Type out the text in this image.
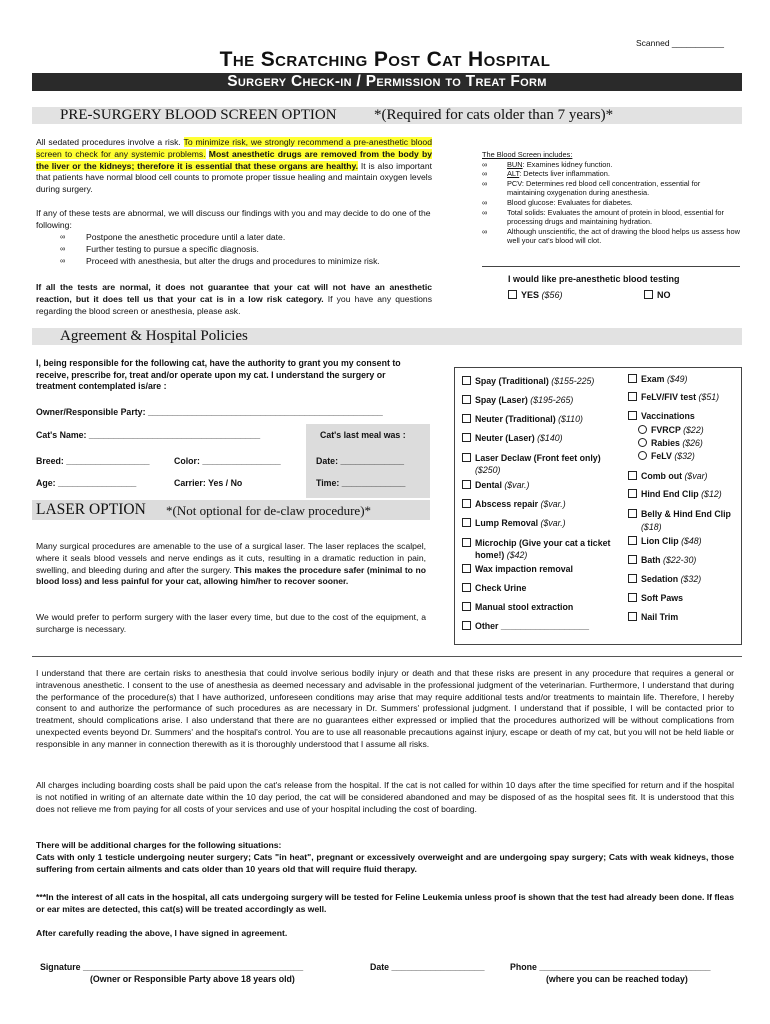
Scanned ___________
The Scratching Post Cat Hospital
Surgery Check-in / Permission to Treat Form
PRE-SURGERY BLOOD SCREEN OPTION *(Required for cats older than 7 years)*
All sedated procedures involve a risk. To minimize risk, we strongly recommend a pre-anesthetic blood screen to check for any systemic problems. Most anesthetic drugs are removed from the body by the liver or the kidneys; therefore it is essential that these organs are healthy. It is also important that patients have normal blood cell counts to promote proper tissue healing and maintain oxygen levels during surgery.
If any of these tests are abnormal, we will discuss our findings with you and may decide to do one of the following:
∞ Postpone the anesthetic procedure until a later date.
∞ Further testing to pursue a specific diagnosis.
∞ Proceed with anesthesia, but alter the drugs and procedures to minimize risk.
If all the tests are normal, it does not guarantee that your cat will not have an anesthetic reaction, but it does tell us that your cat is in a low risk category. If you have any questions regarding the blood screen or anesthesia, please ask.
The Blood Screen includes:
∞	BUN: Examines kidney function.
∞	ALT: Detects liver inflammation.
∞	PCV: Determines red blood cell concentration, essential for maintaining oxygenation during anesthesia.
∞	Blood glucose: Evaluates for diabetes.
∞	Total solids: Evaluates the amount of protein in blood, essential for processing drugs and maintaining hydration.
∞	Although unscientific, the act of drawing the blood helps us assess how well your cat's blood will clot.
I would like pre-anesthetic blood testing
YES ($56)	NO
Agreement & Hospital Policies
I, being responsible for the following cat, have the authority to grant you my consent to receive, prescribe for, treat and/or operate upon my cat. I understand the surgery or treatment contemplated is/are :
Owner/Responsible Party: ________________________________________________
Cat's Name: ___________________________________	Cat's last meal was :
Breed: _________________	Color: ________________	Date: _____________
Age: ________________	Carrier: Yes / No	Time: _____________
LASER OPTION *(Not optional for de-claw procedure)*
Many surgical procedures are amenable to the use of a surgical laser. The laser replaces the scalpel, where it seals blood vessels and nerve endings as it cuts, resulting in a dramatic reduction in pain, swelling, and bleeding during and after the surgery. This makes the procedure safer (minimal to no blood loss) and less painful for your cat, allowing him/her to recover sooner.
We would prefer to perform surgery with the laser every time, but due to the cost of the equipment, a surcharge is necessary.
Spay (Traditional) ($155-225)
Spay (Laser) ($195-265)
Neuter (Traditional) ($110)
Neuter (Laser) ($140)
Laser Declaw (Front feet only) ($250)
Dental ($var.)
Abscess repair ($var.)
Lump Removal ($var.)
Microchip (Give your cat a ticket home!) ($42)
Wax impaction removal
Check Urine
Manual stool extraction
Other __________________
Exam ($49)
FeLV/FIV test ($51)
Vaccinations
FVRCP ($22)
Rabies ($26)
FeLV ($32)
Comb out ($var)
Hind End Clip ($12)
Belly & Hind End Clip ($18)
Lion Clip ($48)
Bath ($22-30)
Sedation ($32)
Soft Paws
Nail Trim
I understand that there are certain risks to anesthesia that could involve serious bodily injury or death and that these risks are present in any procedure that requires a general or intravenous anesthetic. I consent to the use of anesthesia as deemed necessary and advisable in the professional judgment of the veterinarian. Furthermore, I understand that during the performance of the procedure(s) that I have authorized, unforeseen conditions may arise that may require additional tests and/or treatments to maintain life. Therefore, I hereby consent to and authorize the performance of such procedures as are necessary in Dr. Summers' professional judgment. I understand that if possible, I will be contacted prior to treatment, should complications arise. I also understand that there are no guarantees either expressed or implied that the procedures authorized will be without complications from unexpected events beyond Dr. Summers' and the hospital's control. You are to use all reasonable precautions against injury, escape or death of my cat, but you will not be held liable or responsible in any manner in connection therewith as it is thoroughly understood that I assume all risks.
All charges including boarding costs shall be paid upon the cat's release from the hospital. If the cat is not called for within 10 days after the time specified for return and if the hospital is not notified in writing of an alternate date within the 10 day period, the cat will be considered abandoned and may be disposed of as the hospital sees fit. It is understood that this does not relieve me from paying for all costs of your services and use of your hospital including the cost of boarding.
There will be additional charges for the following situations:
Cats with only 1 testicle undergoing neuter surgery; Cats "in heat", pregnant or excessively overweight and are undergoing spay surgery; Cats with weak kidneys, those suffering from certain ailments and cats older than 10 years old that will require fluid therapy.
***In the interest of all cats in the hospital, all cats undergoing surgery will be tested for Feline Leukemia unless proof is shown that the test had already been done. If fleas or ear mites are detected, this cat(s) will be treated accordingly as well.
After carefully reading the above, I have signed in agreement.
Signature _____________________________________________
(Owner or Responsible Party above 18 years old)
Date ___________________	Phone ___________________________________
(where you can be reached today)
